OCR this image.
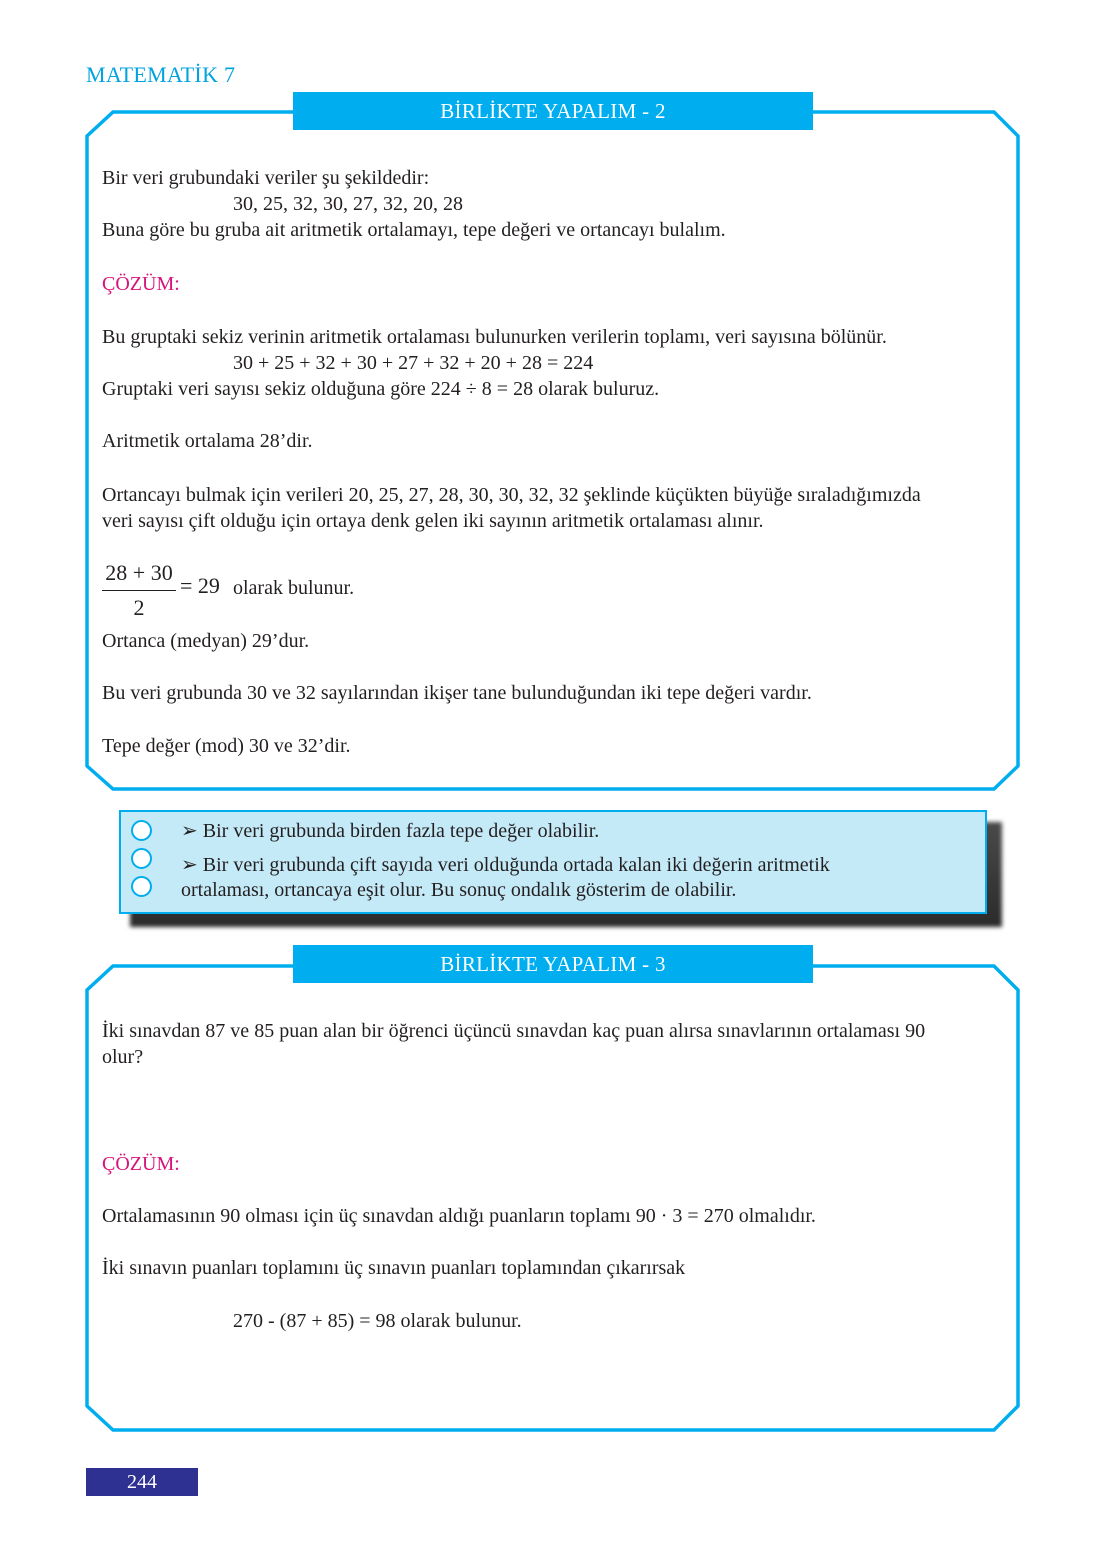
MATEMATİK 7
BİRLİKTE YAPALIM - 2
Bir veri grubundaki veriler şu şekildedir:
30, 25, 32, 30, 27, 32, 20, 28
Buna göre bu gruba ait aritmetik ortalamayı, tepe değeri ve ortancayı bulalım.
ÇÖZÜM:
Bu gruptaki sekiz verinin aritmetik ortalaması bulunurken verilerin toplamı, veri sayısına bölünür.
30 + 25 + 32 + 30 + 27 + 32 + 20 + 28 = 224
Gruptaki veri sayısı sekiz olduğuna göre 224 ÷ 8 = 28 olarak buluruz.
Aritmetik ortalama 28’dir.
Ortancayı bulmak için verileri 20, 25, 27, 28, 30, 30, 32, 32 şeklinde küçükten büyüğe sıraladığımızda
veri sayısı çift olduğu için ortaya denk gelen iki sayının aritmetik ortalaması alınır.
28 + 30
2
= 29 olarak bulunur.
Ortanca (medyan) 29’dur.
Bu veri grubunda 30 ve 32 sayılarından ikişer tane bulunduğundan iki tepe değeri vardır.
Tepe değer (mod) 30 ve 32’dir.
➢ Bir veri grubunda birden fazla tepe değer olabilir.
➢ Bir veri grubunda çift sayıda veri olduğunda ortada kalan iki değerin aritmetik
ortalaması, ortancaya eşit olur. Bu sonuç ondalık gösterim de olabilir.
BİRLİKTE YAPALIM - 3
İki sınavdan 87 ve 85 puan alan bir öğrenci üçüncü sınavdan kaç puan alırsa sınavlarının ortalaması 90
olur?
ÇÖZÜM:
Ortalamasının 90 olması için üç sınavdan aldığı puanların toplamı 90 · 3 = 270 olmalıdır.
İki sınavın puanları toplamını üç sınavın puanları toplamından çıkarırsak
270 - (87 + 85) = 98 olarak bulunur.
244
